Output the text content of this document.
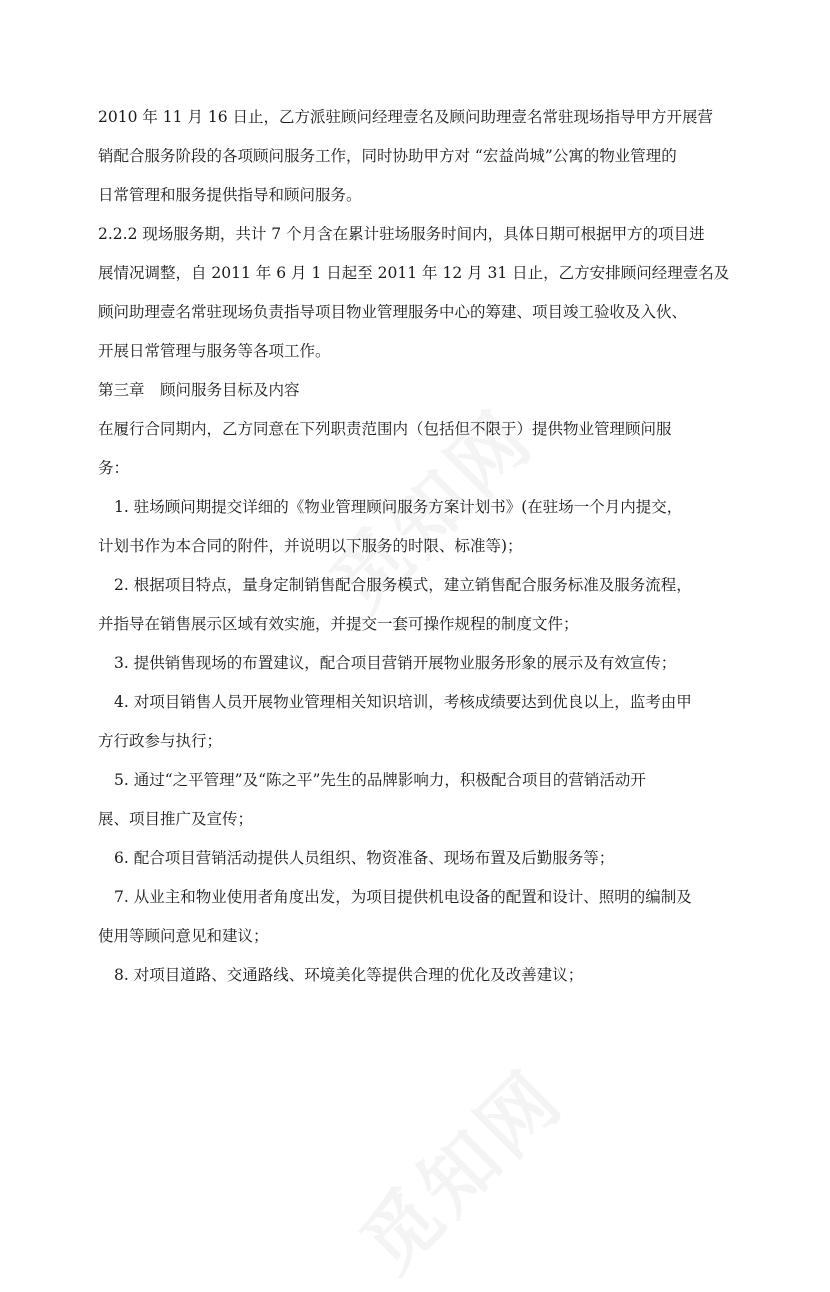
2010 年 11 月 16 日止，乙方派驻顾问经理壹名及顾问助理壹名常驻现场指导甲方开展营
销配合服务阶段的各项顾问服务工作，同时协助甲方对 “宏益尚城”公寓的物业管理的
日常管理和服务提供指导和顾问服务。
2.2.2 现场服务期，共计 7 个月含在累计驻场服务时间内，具体日期可根据甲方的项目进
展情况调整，自 2011 年 6 月 1 日起至 2011 年 12 月 31 日止，乙方安排顾问经理壹名及
顾问助理壹名常驻现场负责指导项目物业管理服务中心的筹建、项目竣工验收及入伙、
开展日常管理与服务等各项工作。
第三章　顾问服务目标及内容
在履行合同期内，乙方同意在下列职责范围内（包括但不限于）提供物业管理顾问服
务：
1. 驻场顾问期提交详细的《物业管理顾问服务方案计划书》(在驻场一个月内提交，
计划书作为本合同的附件，并说明以下服务的时限、标准等)；
2. 根据项目特点，量身定制销售配合服务模式，建立销售配合服务标准及服务流程，
并指导在销售展示区域有效实施，并提交一套可操作规程的制度文件；
3. 提供销售现场的布置建议，配合项目营销开展物业服务形象的展示及有效宣传；
4. 对项目销售人员开展物业管理相关知识培训，考核成绩要达到优良以上，监考由甲
方行政参与执行；
5. 通过“之平管理”及“陈之平”先生的品牌影响力，积极配合项目的营销活动开
展、项目推广及宣传；
6. 配合项目营销活动提供人员组织、物资准备、现场布置及后勤服务等；
7. 从业主和物业使用者角度出发，为项目提供机电设备的配置和设计、照明的编制及
使用等顾问意见和建议；
8. 对项目道路、交通路线、环境美化等提供合理的优化及改善建议；
